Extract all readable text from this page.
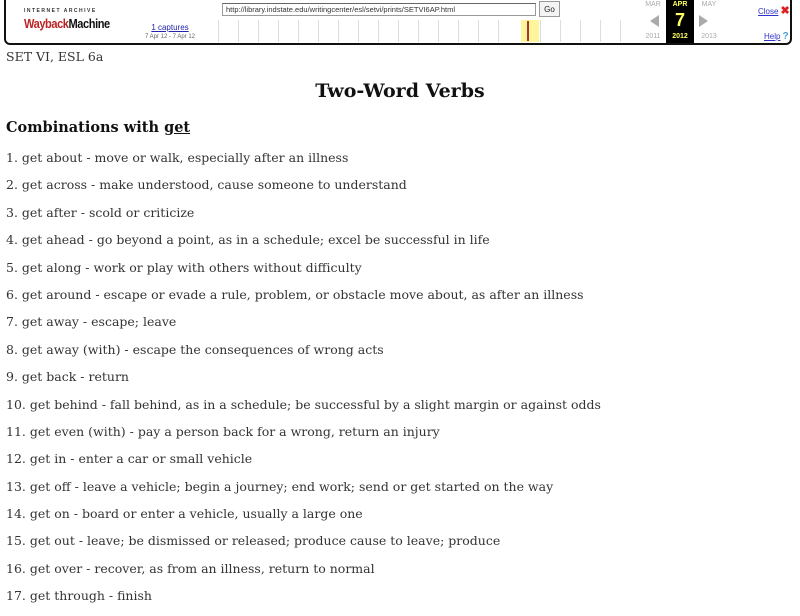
INTERNET ARCHIVE
WaybackMachine	1 captures
7 Apr 12 - 7 Apr 12
http://library.indstate.edu/writingcenter/esl/setvi/prints/SETVI6AP.html	Go
MAR
2011
APR
7
2012
MAY
2013
Close ✖
Help ?
SET VI, ESL 6a
Two-Word Verbs
Combinations with get
1. get about - move or walk, especially after an illness
2. get across - make understood, cause someone to understand
3. get after - scold or criticize
4. get ahead - go beyond a point, as in a schedule; excel be successful in life
5. get along - work or play with others without difficulty
6. get around - escape or evade a rule, problem, or obstacle move about, as after an illness
7. get away - escape; leave
8. get away (with) - escape the consequences of wrong acts
9. get back - return
10. get behind - fall behind, as in a schedule; be successful by a slight margin or against odds
11. get even (with) - pay a person back for a wrong, return an injury
12. get in - enter a car or small vehicle
13. get off - leave a vehicle; begin a journey; end work; send or get started on the way
14. get on - board or enter a vehicle, usually a large one
15. get out - leave; be dismissed or released; produce cause to leave; produce
16. get over - recover, as from an illness, return to normal
17. get through - finish
